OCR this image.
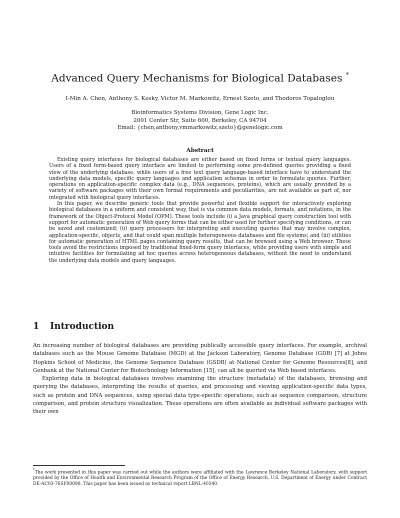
Advanced Query Mechanisms for Biological Databases *
I-Min A. Chen, Anthony S. Kosky, Victor M. Markowitz, Ernest Szeto, and Thodoros Topaloglou
Bioinformatics Systems Division, Gene Logic Inc.
2001 Center Str, Suite 600, Berkeley, CA 94704
Email: {chen,anthony,vmmarkowitz,szeto}@genelogic.com
Abstract

Existing query interfaces for biological databases are either based on fixed forms or textual query languages. Users of a fixed form-based query interface are limited to performing some pre-defined queries providing a fixed view of the underlying database, while users of a free text query language-based interface have to understand the underlying data models, specific query languages and application schemas in order to formulate queries. Further, operations on application-specific complex data (e.g., DNA sequences, proteins), which are usually provided by a variety of software packages with their own format requirements and peculiarities, are not available as part of, nor integrated with biological query interfaces.

In this paper, we describe generic tools that provide powerful and flexible support for interactively exploring biological databases in a uniform and consistent way, that is via common data models, formats, and notations, in the framework of the Object-Protocol Model (OPM). These tools include (i) a Java graphical query construction tool with support for automatic generation of Web query forms that can be either used for further specifying conditions, or can be saved and customized; (ii) query processors for interpreting and executing queries that may involve complex, application-specific, objects, and that could span multiple heterogeneous databases and file systems; and (iii) utilities for automatic generation of HTML pages containing query results, that can be browsed using a Web browser. These tools avoid the restrictions imposed by traditional fixed-form query interfaces, while providing users with simple and intuitive facilities for formulating ad hoc queries across heterogeneous databases, without the need to understand the underlying data models and query languages.

1 Introduction

An increasing number of biological databases are providing publically accessible query interfaces. For example, archival databases such as the Mouse Genome Database (MGD) at the Jackson Laboratory, Genome Database (GDB) [7] at Johns Hopkins School of Medicine, the Genome Sequence Database (GSDB) at National Center for Genome Resources[8], and Genbank at the National Center for Biotechnology Information [15], can all be queried via Web based interfaces.

Exploring data in biological databases involves examining the structure (metadata) of the databases, browsing and querying the databases, interpreting the results of queries, and processing and viewing application-specific data types, such as protein and DNA sequences, using special data type-specific operations, such as sequence comparison, structure comparison, and protein structure visualization. These operations are often available as individual software packages with their own

*The work presented in this paper was carried out while the authors were affiliated with the Lawrence Berkeley National Laboratory, with support provided by the Office of Health and Environmental Research Program of the Office of Energy Research, U.S. Department of Energy under Contract DE-AC03-76SF00098. This paper has been issued as technical report LBNL-40340.
